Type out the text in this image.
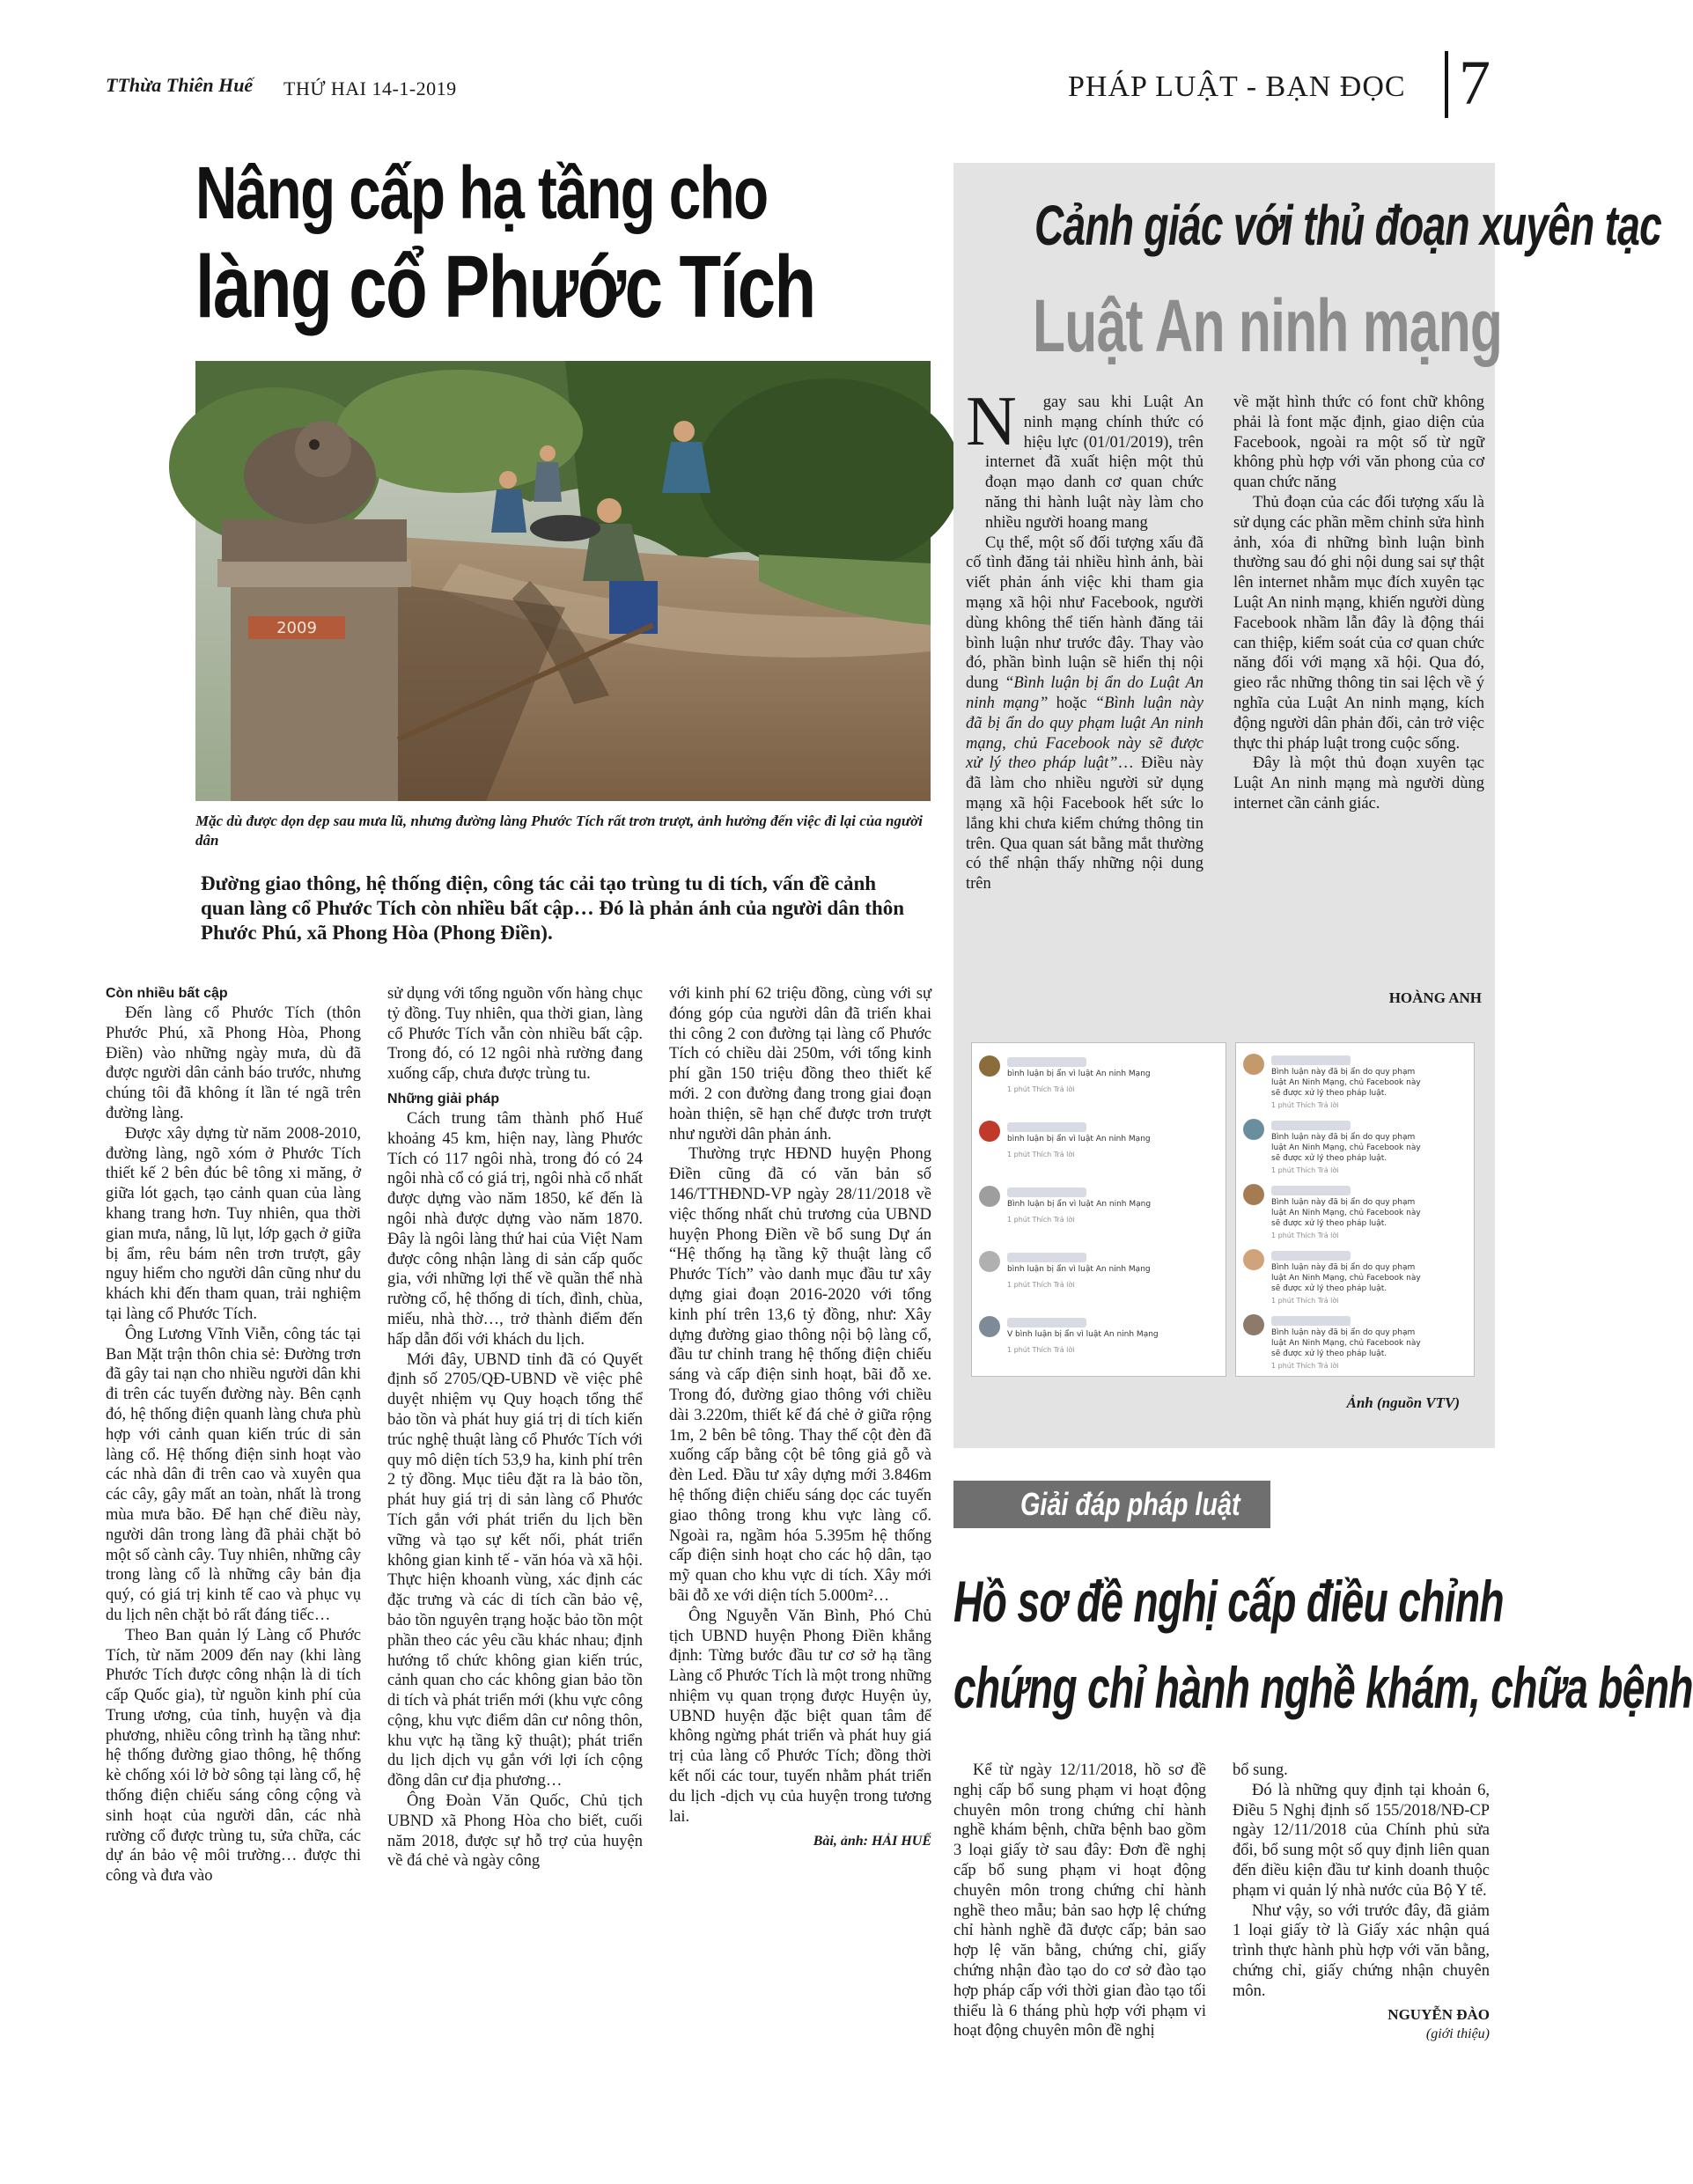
TThừa Thiên Huế THỨ HAI 14-1-2019	PHÁP LUẬT - BẠN ĐỌC 7
Nâng cấp hạ tầng cho
làng cổ Phước Tích
2009
Mặc dù được dọn dẹp sau mưa lũ, nhưng đường làng Phước Tích rất trơn trượt, ảnh hưởng đến việc đi lại của người dân
Đường giao thông, hệ thống điện, công tác cải tạo trùng tu di tích, vấn đề cảnh quan làng cổ Phước Tích còn nhiều bất cập… Đó là phản ánh của người dân thôn Phước Phú, xã Phong Hòa (Phong Điền).
Còn nhiều bất cập

Đến làng cổ Phước Tích (thôn Phước Phú, xã Phong Hòa, Phong Điền) vào những ngày mưa, dù đã được người dân cảnh báo trước, nhưng chúng tôi đã không ít lần té ngã trên đường làng.

Được xây dựng từ năm 2008-2010, đường làng, ngõ xóm ở Phước Tích thiết kế 2 bên đúc bê tông xi măng, ở giữa lót gạch, tạo cảnh quan của làng khang trang hơn. Tuy nhiên, qua thời gian mưa, nắng, lũ lụt, lớp gạch ở giữa bị ẩm, rêu bám nên trơn trượt, gây nguy hiểm cho người dân cũng như du khách khi đến tham quan, trải nghiệm tại làng cổ Phước Tích.

Ông Lương Vĩnh Viễn, công tác tại Ban Mặt trận thôn chia sẻ: Đường trơn đã gây tai nạn cho nhiều người dân khi đi trên các tuyến đường này. Bên cạnh đó, hệ thống điện quanh làng chưa phù hợp với cảnh quan kiến trúc di sản làng cổ. Hệ thống điện sinh hoạt vào các nhà dân đi trên cao và xuyên qua các cây, gây mất an toàn, nhất là trong mùa mưa bão. Để hạn chế điều này, người dân trong làng đã phải chặt bỏ một số cành cây. Tuy nhiên, những cây trong làng cổ là những cây bản địa quý, có giá trị kinh tế cao và phục vụ du lịch nên chặt bỏ rất đáng tiếc…

Theo Ban quản lý Làng cổ Phước Tích, từ năm 2009 đến nay (khi làng Phước Tích được công nhận là di tích cấp Quốc gia), từ nguồn kinh phí của Trung ương, của tỉnh, huyện và địa phương, nhiều công trình hạ tầng như: hệ thống đường giao thông, hệ thống kè chống xói lở bờ sông tại làng cổ, hệ thống điện chiếu sáng công cộng và sinh hoạt của người dân, các nhà rường cổ được trùng tu, sửa chữa, các dự án bảo vệ môi trường… được thi công và đưa vào

sử dụng với tổng nguồn vốn hàng chục tỷ đồng. Tuy nhiên, qua thời gian, làng cổ Phước Tích vẫn còn nhiều bất cập. Trong đó, có 12 ngôi nhà rường đang xuống cấp, chưa được trùng tu.

Những giải pháp

Cách trung tâm thành phố Huế khoảng 45 km, hiện nay, làng Phước Tích có 117 ngôi nhà, trong đó có 24 ngôi nhà cổ có giá trị, ngôi nhà cổ nhất được dựng vào năm 1850, kế đến là ngôi nhà được dựng vào năm 1870. Đây là ngôi làng thứ hai của Việt Nam được công nhận làng di sản cấp quốc gia, với những lợi thế về quần thể nhà rường cổ, hệ thống di tích, đình, chùa, miếu, nhà thờ…, trở thành điểm đến hấp dẫn đối với khách du lịch.

Mới đây, UBND tỉnh đã có Quyết định số 2705/QĐ-UBND về việc phê duyệt nhiệm vụ Quy hoạch tổng thể bảo tồn và phát huy giá trị di tích kiến trúc nghệ thuật làng cổ Phước Tích với quy mô diện tích 53,9 ha, kinh phí trên 2 tỷ đồng. Mục tiêu đặt ra là bảo tồn, phát huy giá trị di sản làng cổ Phước Tích gắn với phát triển du lịch bền vững và tạo sự kết nối, phát triển không gian kinh tế - văn hóa và xã hội. Thực hiện khoanh vùng, xác định các đặc trưng và các di tích cần bảo vệ, bảo tồn nguyên trạng hoặc bảo tồn một phần theo các yêu cầu khác nhau; định hướng tổ chức không gian kiến trúc, cảnh quan cho các không gian bảo tồn di tích và phát triển mới (khu vực công cộng, khu vực điểm dân cư nông thôn, khu vực hạ tầng kỹ thuật); phát triển du lịch dịch vụ gắn với lợi ích cộng đồng dân cư địa phương…

Ông Đoàn Văn Quốc, Chủ tịch UBND xã Phong Hòa cho biết, cuối năm 2018, được sự hỗ trợ của huyện về đá chẻ và ngày công

với kinh phí 62 triệu đồng, cùng với sự đóng góp của người dân đã triển khai thi công 2 con đường tại làng cổ Phước Tích có chiều dài 250m, với tổng kinh phí gần 150 triệu đồng theo thiết kế mới. 2 con đường đang trong giai đoạn hoàn thiện, sẽ hạn chế được trơn trượt như người dân phản ánh.

Thường trực HĐND huyện Phong Điền cũng đã có văn bản số 146/TTHĐND-VP ngày 28/11/2018 về việc thống nhất chủ trương của UBND huyện Phong Điền về bổ sung Dự án “Hệ thống hạ tầng kỹ thuật làng cổ Phước Tích” vào danh mục đầu tư xây dựng giai đoạn 2016-2020 với tổng kinh phí trên 13,6 tỷ đồng, như: Xây dựng đường giao thông nội bộ làng cổ, đầu tư chỉnh trang hệ thống điện chiếu sáng và cấp điện sinh hoạt, bãi đỗ xe. Trong đó, đường giao thông với chiều dài 3.220m, thiết kế đá chẻ ở giữa rộng 1m, 2 bên bê tông. Thay thế cột đèn đã xuống cấp bằng cột bê tông giả gỗ và đèn Led. Đầu tư xây dựng mới 3.846m hệ thống điện chiếu sáng dọc các tuyến giao thông trong khu vực làng cổ. Ngoài ra, ngầm hóa 5.395m hệ thống cấp điện sinh hoạt cho các hộ dân, tạo mỹ quan cho khu vực di tích. Xây mới bãi đỗ xe với diện tích 5.000m²…

Ông Nguyễn Văn Bình, Phó Chủ tịch UBND huyện Phong Điền khẳng định: Từng bước đầu tư cơ sở hạ tầng Làng cổ Phước Tích là một trong những nhiệm vụ quan trọng được Huyện ủy, UBND huyện đặc biệt quan tâm để không ngừng phát triển và phát huy giá trị của làng cổ Phước Tích; đồng thời kết nối các tour, tuyến nhằm phát triển du lịch -dịch vụ của huyện trong tương lai.

Bài, ảnh: HẢI HUẾ
Cảnh giác với thủ đoạn xuyên tạc
Luật An ninh mạng

N gay sau khi Luật An ninh mạng chính thức có hiệu lực (01/01/2019), trên internet đã xuất hiện một thủ đoạn mạo danh cơ quan chức năng thi hành luật này làm cho nhiều người hoang mang

Cụ thể, một số đối tượng xấu đã cố tình đăng tải nhiều hình ảnh, bài viết phản ánh việc khi tham gia mạng xã hội như Facebook, người dùng không thể tiến hành đăng tải bình luận như trước đây. Thay vào đó, phần bình luận sẽ hiển thị nội dung “Bình luận bị ẩn do Luật An ninh mạng” hoặc “Bình luận này đã bị ẩn do quy phạm luật An ninh mạng, chủ Facebook này sẽ được xử lý theo pháp luật”… Điều này đã làm cho nhiều người sử dụng mạng xã hội Facebook hết sức lo lắng khi chưa kiểm chứng thông tin trên. Qua quan sát bằng mắt thường có thể nhận thấy những nội dung trên

về mặt hình thức có font chữ không phải là font mặc định, giao diện của Facebook, ngoài ra một số từ ngữ không phù hợp với văn phong của cơ quan chức năng

Thủ đoạn của các đối tượng xấu là sử dụng các phần mềm chỉnh sửa hình ảnh, xóa đi những bình luận bình thường sau đó ghi nội dung sai sự thật lên internet nhằm mục đích xuyên tạc Luật An ninh mạng, khiến người dùng Facebook nhầm lẫn đây là động thái can thiệp, kiểm soát của cơ quan chức năng đối với mạng xã hội. Qua đó, gieo rắc những thông tin sai lệch về ý nghĩa của Luật An ninh mạng, kích động người dân phản đối, cản trở việc thực thi pháp luật trong cuộc sống.

Đây là một thủ đoạn xuyên tạc Luật An ninh mạng mà người dùng internet cần cảnh giác.

HOÀNG ANH
bình luận bị ẩn vì luật An ninh Mạng
1 phút Thích Trả lời
bình luận bị ẩn vì luật An ninh Mạng
1 phút Thích Trả lời
Bình luận bị ẩn vì luật An ninh Mạng
1 phút Thích Trả lời
bình luận bị ẩn vì luật An ninh Mạng
1 phút Thích Trả lời
V bình luận bị ẩn vì luật An ninh Mạng
1 phút Thích Trả lời
Bình luận này đã bị ẩn do quy phạm
luật An Ninh Mạng, chủ Facebook này
sẽ được xử lý theo pháp luật.
1 phút Thích Trả lời
Bình luận này đã bị ẩn do quy phạm
luật An Ninh Mạng, chủ Facebook này
sẽ được xử lý theo pháp luật.
1 phút Thích Trả lời
Bình luận này đã bị ẩn do quy phạm
luật An Ninh Mạng, chủ Facebook này
sẽ được xử lý theo pháp luật.
1 phút Thích Trả lời
Bình luận này đã bị ẩn do quy phạm
luật An Ninh Mạng, chủ Facebook này
sẽ được xử lý theo pháp luật.
1 phút Thích Trả lời
Bình luận này đã bị ẩn do quy phạm
luật An Ninh Mạng, chủ Facebook này
sẽ được xử lý theo pháp luật.
1 phút Thích Trả lời
Ảnh (nguồn VTV)
Giải đáp pháp luật
Hồ sơ đề nghị cấp điều chỉnh
chứng chỉ hành nghề khám, chữa bệnh

Kể từ ngày 12/11/2018, hồ sơ đề nghị cấp bổ sung phạm vi hoạt động chuyên môn trong chứng chỉ hành nghề khám bệnh, chữa bệnh bao gồm 3 loại giấy tờ sau đây: Đơn đề nghị cấp bổ sung phạm vi hoạt động chuyên môn trong chứng chỉ hành nghề theo mẫu; bản sao hợp lệ chứng chỉ hành nghề đã được cấp; bản sao hợp lệ văn bằng, chứng chỉ, giấy chứng nhận đào tạo do cơ sở đào tạo hợp pháp cấp với thời gian đào tạo tối thiểu là 6 tháng phù hợp với phạm vi hoạt động chuyên môn đề nghị

bổ sung.

Đó là những quy định tại khoản 6, Điều 5 Nghị định số 155/2018/NĐ-CP ngày 12/11/2018 của Chính phủ sửa đổi, bổ sung một số quy định liên quan đến điều kiện đầu tư kinh doanh thuộc phạm vi quản lý nhà nước của Bộ Y tế.

Như vậy, so với trước đây, đã giảm 1 loại giấy tờ là Giấy xác nhận quá trình thực hành phù hợp với văn bằng, chứng chỉ, giấy chứng nhận chuyên môn.

NGUYỄN ĐÀO
(giới thiệu)
